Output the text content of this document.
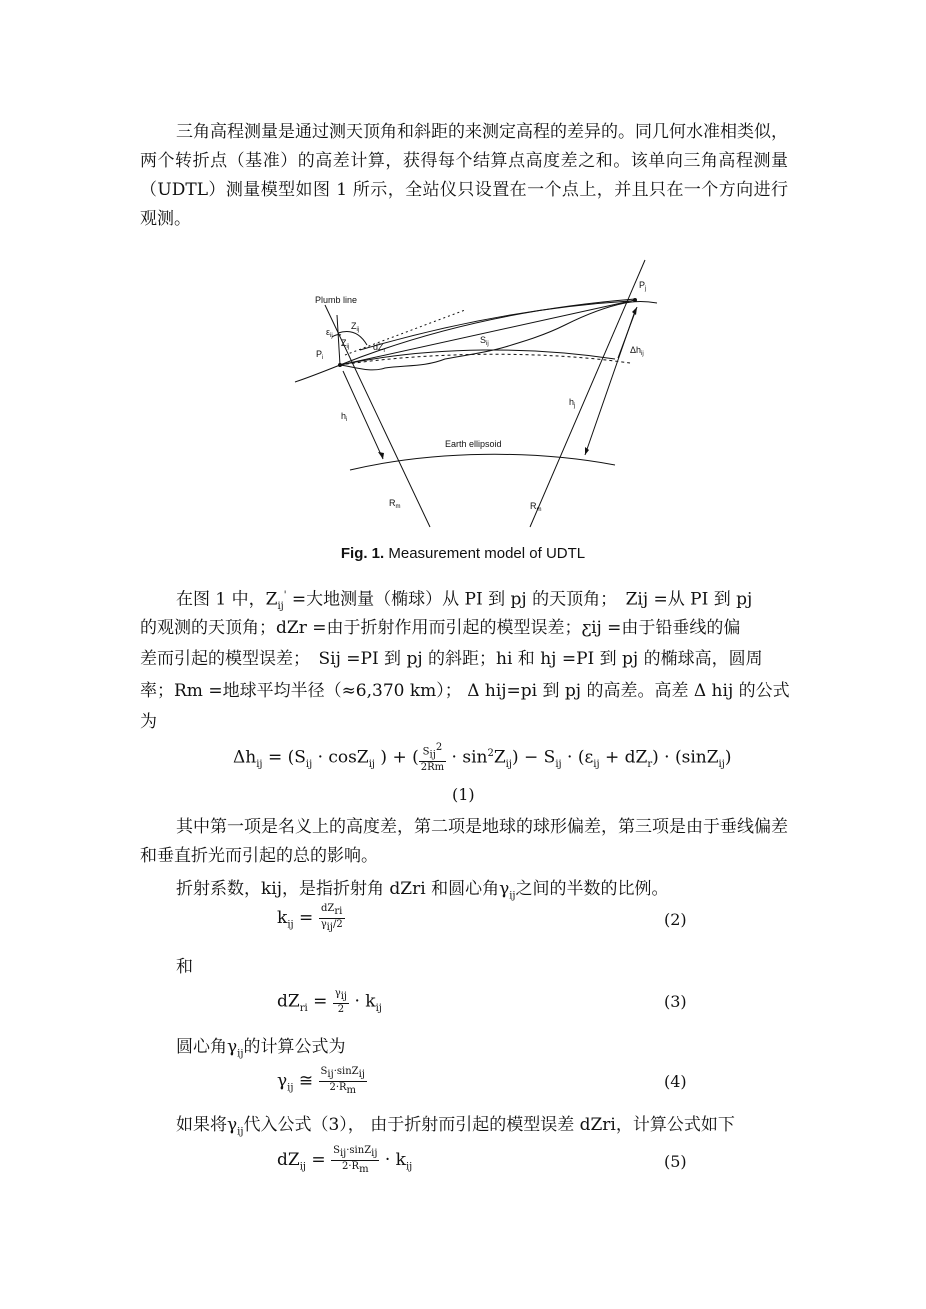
三角高程测量是通过测天顶角和斜距的来测定高程的差异的。同几何水准相类似， 两个转折点（基准）的高差计算，获得每个结算点高度差之和。该单向三角高程测量（UDTL）测量模型如图 1 所示，全站仪只设置在一个点上，并且只在一个方向进行观测。
Plumb line
$\varepsilon_{ij}$
$Z_{ij}$
$Z_{ij}$	$dZ_r$
$S_{ij}$
$P_i$
$P_j$
$\Delta h_{ij}$
$h_i$
$h_j$
Earth ellipsoid
$R_m$	$R_m$
Fig. 1. Measurement model of UDTL
在图 1 中，$Z_{ij}'$ =大地测量（椭球）从 PI 到 pj 的天顶角；　Zij =从 PI 到 pj
的观测的天顶角；dZr =由于折射作用而引起的模型误差；ƹij =由于铅垂线的偏
差而引起的模型误差；　Sij =PI 到 pj 的斜距；hi 和 hj =PI 到 pj 的椭球高，圆周
率；Rm =地球平均半径（≈6,370 km）； Δ hij=pi 到 pj 的高差。高差 Δ hij 的公式
为
$\Delta h_{ij} = (S_{ij} \cdot \cos Z_{ij}$ ) + ( $\frac{S_{ij}^2}{2Rm} \cdot \sin^2Z_{ij}) - S_{ij} \cdot (\varepsilon_{ij} + dZ_r) \cdot (\sin Z_{ij})$
(1)
其中第一项是名义上的高度差，第二项是地球的球形偏差，第三项是由于垂线偏差和垂直折光而引起的总的影响。
折射系数，kij，是指折射角 dZri 和圆心角$\gamma_{ij}$之间的半数的比例。
$k_{ij} = \frac{dZ_{ri}}{\gamma_{ij}/2}$	(2)
和
$dZ_{ri} = \frac{\gamma_{ij}}{2} \cdot k_{ij}$	(3)
圆心角$\gamma_{ij}$的计算公式为
$\gamma_{ij}$ ≅ $\frac{S_{ij}\cdot\sin Z_{ij}}{2\cdot R_m}$	(4)
如果将$\gamma_{ij}$代入公式（3）， 由于折射而引起的模型误差 dZri，计算公式如下
$dZ_{ij} = \frac{S_{ij}\cdot\sin Z_{ij}}{2\cdot R_m} \cdot k_{ij}$	(5)
